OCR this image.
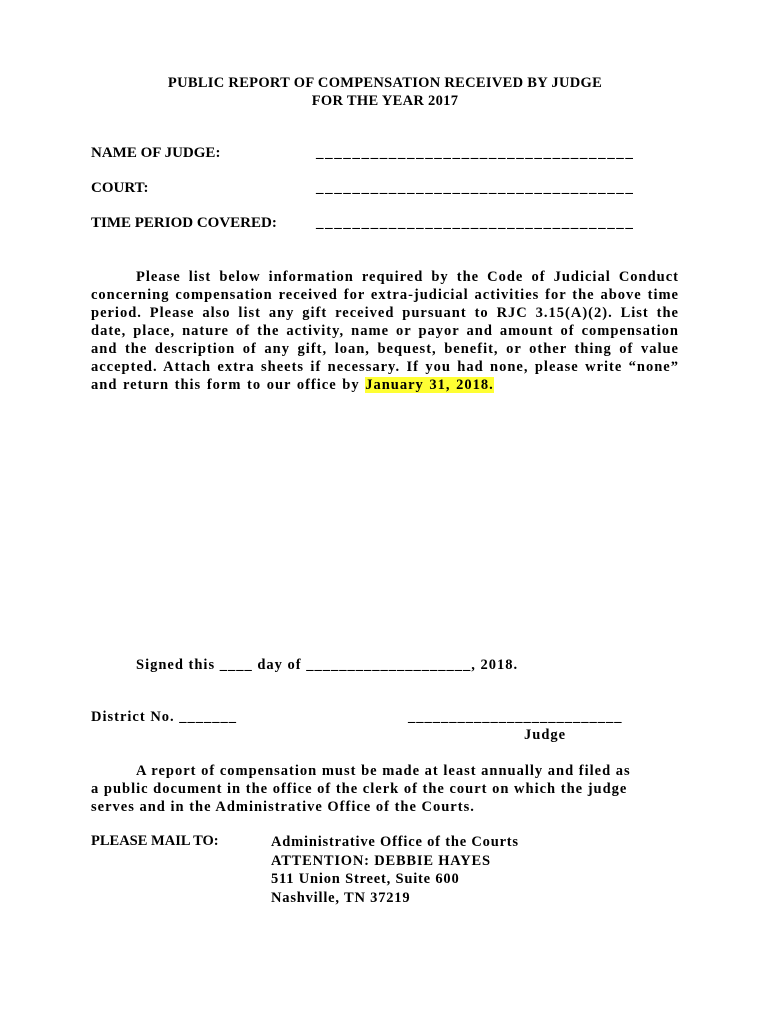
PUBLIC REPORT OF COMPENSATION RECEIVED BY JUDGE
FOR THE YEAR 2017
NAME OF JUDGE:	___________________________________
COURT:	___________________________________
TIME PERIOD COVERED:	___________________________________
Please list below information required by the Code of Judicial Conduct concerning compensation received for extra-judicial activities for the above time period. Please also list any gift received pursuant to RJC 3.15(A)(2). List the date, place, nature of the activity, name or payor and amount of compensation and the description of any gift, loan, bequest, benefit, or other thing of value accepted. Attach extra sheets if necessary. If you had none, please write “none” and return this form to our office by January 31, 2018.
Signed this ____ day of ____________________, 2018.
District No. _______	__________________________
Judge
A report of compensation must be made at least annually and filed as
a public document in the office of the clerk of the court on which the judge
serves and in the Administrative Office of the Courts.
PLEASE MAIL TO:	Administrative Office of the Courts
ATTENTION: DEBBIE HAYES
511 Union Street, Suite 600
Nashville, TN 37219
